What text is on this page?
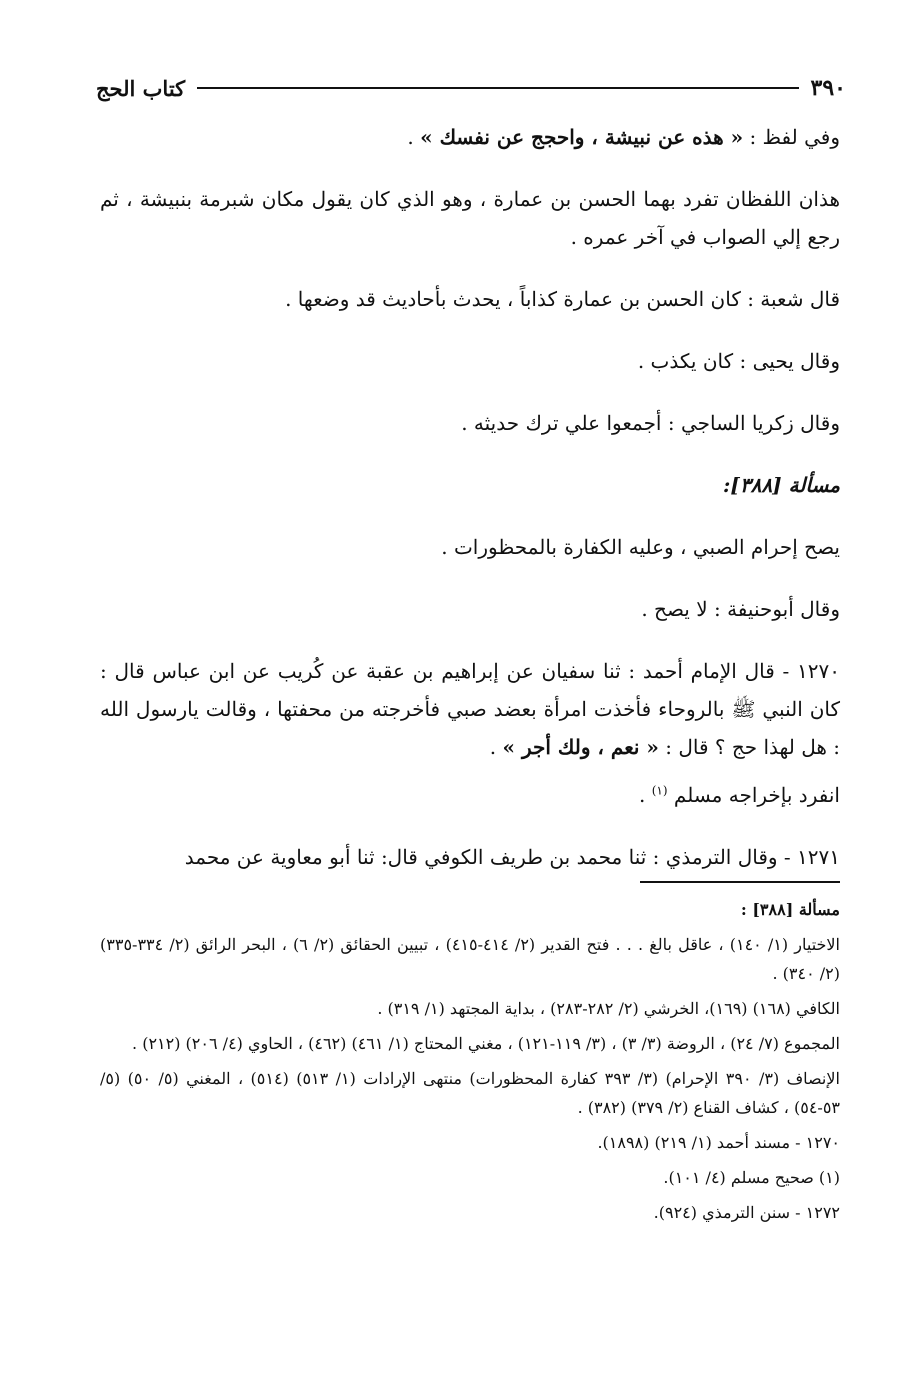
٣٩٠
كتاب الحج

وفي لفظ : « هذه عن نبيشة ، واحجج عن نفسك » .

هذان اللفظان تفرد بهما الحسن بن عمارة ، وهو الذي كان يقول مكان شبرمة بنبيشة ، ثم رجع إلي الصواب في آخر عمره .

قال شعبة : كان الحسن بن عمارة كذاباً ، يحدث بأحاديث قد وضعها .

وقال يحيى : كان يكذب .

وقال زكريا الساجي : أجمعوا علي ترك حديثه .

مسألة [٣٨٨]:

يصح إحرام الصبي ، وعليه الكفارة بالمحظورات .

وقال أبوحنيفة : لا يصح .

١٢٧٠ - قال الإمام أحمد : ثنا سفيان عن إبراهيم بن عقبة عن كُريب عن ابن عباس قال : كان النبي ﷺ بالروحاء فأخذت امرأة بعضد صبي فأخرجته من محفتها ، وقالت يارسول الله : هل لهذا حج ؟ قال : « نعم ، ولك أجر » .

انفرد بإخراجه مسلم $^{(١)}$ .

١٢٧١ - وقال الترمذي : ثنا محمد بن طريف الكوفي قال: ثنا أبو معاوية عن محمد

مسألة [٣٨٨] :

الاختيار (١/ ١٤٠) ، عاقل بالغ . . . فتح القدير (٢/ ٤١٤-٤١٥) ، تبيين الحقائق (٢/ ٦) ، البحر الرائق (٢/ ٣٣٤-٣٣٥) (٢/ ٣٤٠) .

الكافي (١٦٨) (١٦٩)، الخرشي (٢/ ٢٨٢-٢٨٣) ، بداية المجتهد (١/ ٣١٩) .

المجموع (٧/ ٢٤) ، الروضة (٣/ ٣) ، (٣/ ١١٩-١٢١) ، مغني المحتاج (١/ ٤٦١) (٤٦٢) ، الحاوي (٤/ ٢٠٦) (٢١٢) .

الإنصاف (٣/ ٣٩٠ الإحرام) (٣/ ٣٩٣ كفارة المحظورات) منتهى الإرادات (١/ ٥١٣) (٥١٤) ، المغني (٥/ ٥٠) (٥/ ٥٣-٥٤) ، كشاف القناع (٢/ ٣٧٩) (٣٨٢) .

١٢٧٠ - مسند أحمد (١/ ٢١٩) (١٨٩٨).

(١) صحيح مسلم (٤/ ١٠١).

١٢٧٢ - سنن الترمذي (٩٢٤).
